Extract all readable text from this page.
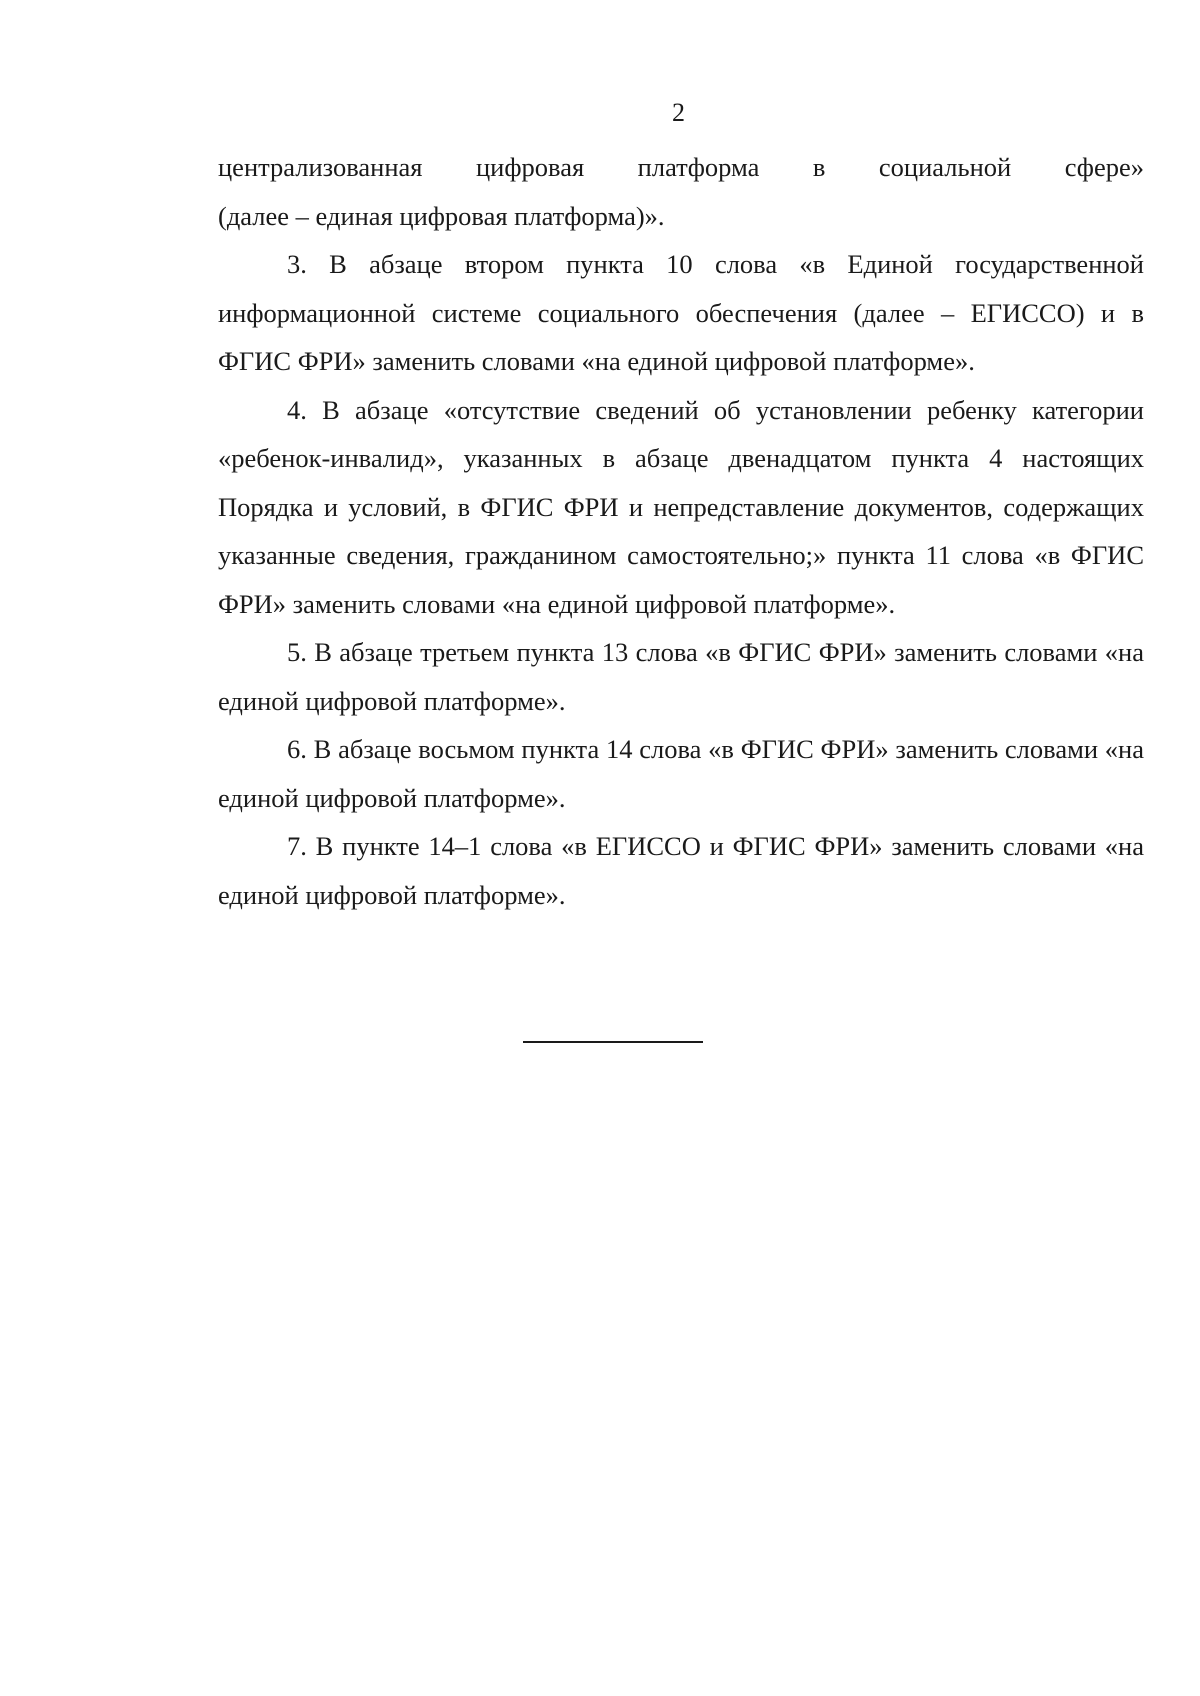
2

централизованная цифровая платформа в социальной сфере»
(далее – единая цифровая платформа)».

3. В абзаце втором пункта 10 слова «в Единой государственной информационной системе социального обеспечения (далее – ЕГИССО) и в ФГИС ФРИ» заменить словами «на единой цифровой платформе».

4. В абзаце «отсутствие сведений об установлении ребенку категории «ребенок-инвалид», указанных в абзаце двенадцатом пункта 4 настоящих Порядка и условий, в ФГИС ФРИ и непредставление документов, содержащих указанные сведения, гражданином самостоятельно;» пункта 11 слова «в ФГИС ФРИ» заменить словами «на единой цифровой платформе».

5. В абзаце третьем пункта 13 слова «в ФГИС ФРИ» заменить словами «на единой цифровой платформе».

6. В абзаце восьмом пункта 14 слова «в ФГИС ФРИ» заменить словами «на единой цифровой платформе».

7. В пункте 14–1 слова «в ЕГИССО и ФГИС ФРИ» заменить словами «на единой цифровой платформе».
